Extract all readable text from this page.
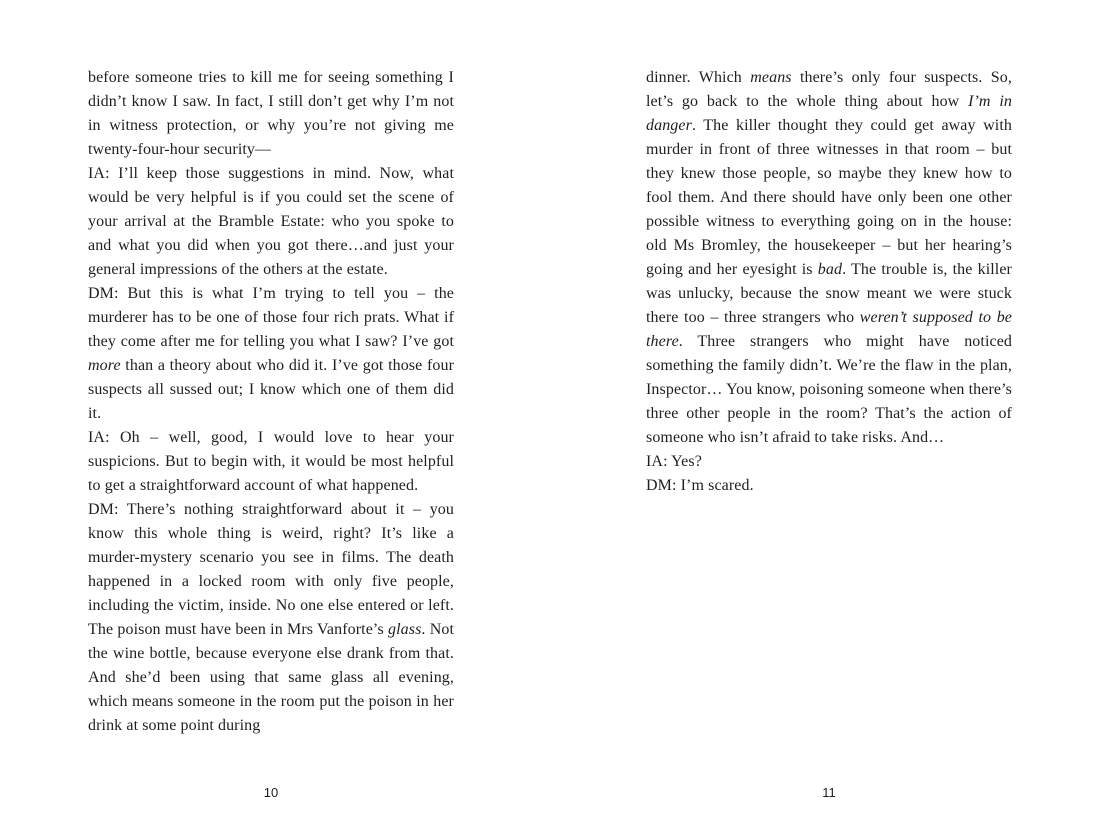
before someone tries to kill me for seeing something I didn’t know I saw. In fact, I still don’t get why I’m not in witness protection, or why you’re not giving me twenty-four-hour security—
IA: I’ll keep those suggestions in mind. Now, what would be very helpful is if you could set the scene of your arrival at the Bramble Estate: who you spoke to and what you did when you got there…and just your general impressions of the others at the estate.
DM: But this is what I’m trying to tell you – the murderer has to be one of those four rich prats. What if they come after me for telling you what I saw? I’ve got more than a theory about who did it. I’ve got those four suspects all sussed out; I know which one of them did it.
IA: Oh – well, good, I would love to hear your suspicions. But to begin with, it would be most helpful to get a straightforward account of what happened.
DM: There’s nothing straightforward about it – you know this whole thing is weird, right? It’s like a murder-mystery scenario you see in films. The death happened in a locked room with only five people, including the victim, inside. No one else entered or left. The poison must have been in Mrs Vanforte’s glass. Not the wine bottle, because everyone else drank from that. And she’d been using that same glass all evening, which means someone in the room put the poison in her drink at some point during
10
dinner. Which means there’s only four suspects. So, let’s go back to the whole thing about how I’m in danger. The killer thought they could get away with murder in front of three witnesses in that room – but they knew those people, so maybe they knew how to fool them. And there should have only been one other possible witness to everything going on in the house: old Ms Bromley, the housekeeper – but her hearing’s going and her eyesight is bad. The trouble is, the killer was unlucky, because the snow meant we were stuck there too – three strangers who weren’t supposed to be there. Three strangers who might have noticed something the family didn’t. We’re the flaw in the plan, Inspector… You know, poisoning someone when there’s three other people in the room? That’s the action of someone who isn’t afraid to take risks. And…
IA: Yes?
DM: I’m scared.
11
